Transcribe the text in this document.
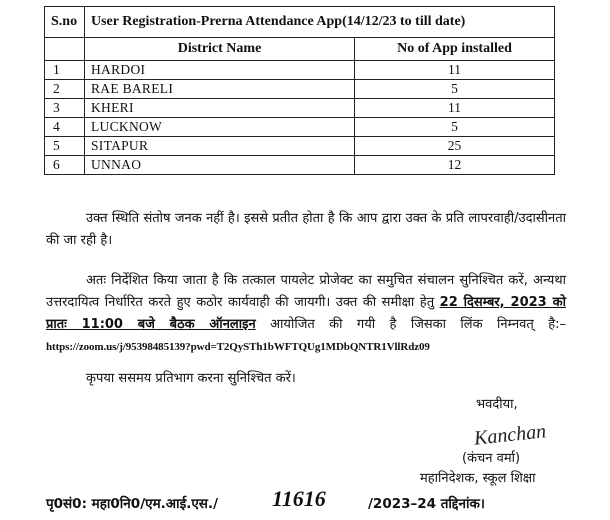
S.no	User Registration-Prerna Attendance App(14/12/23 to till date)	
	District Name	No of App installed
1	HARDOI	11
2	RAE BARELI	5
3	KHERI	11
4	LUCKNOW	5
5	SITAPUR	25
6	UNNAO	12

उक्त स्थिति संतोष जनक नहीं है। इससे प्रतीत होता है कि आप द्वारा उक्त के प्रति लापरवाही/उदासीनता की जा रही है।

अतः निर्देशित किया जाता है कि तत्काल पायलेट प्रोजेक्ट का समुचित संचालन सुनिश्चित करें, अन्यथा उत्तरदायित्व निर्धारित करते हुए कठोर कार्यवाही की जायगी। उक्त की समीक्षा हेतु 22 दिसम्बर, 2023 को प्रातः 11:00 बजे बैठक ऑनलाइन आयोजित की गयी है जिसका लिंक निम्नवत् है:– https://zoom.us/j/95398485139?pwd=T2QySTh1bWFTQUg1MDbQNTR1VllRdz09

कृपया ससमय प्रतिभाग करना सुनिश्चित करें।
भवदीया,
Kanchan
(कंचन वर्मा)
महानिदेशक, स्कूल शिक्षा
पृ0सं0: महा0नि0/एम.आई.एस./ 11616	/2023–24 तद्दिनांक।
